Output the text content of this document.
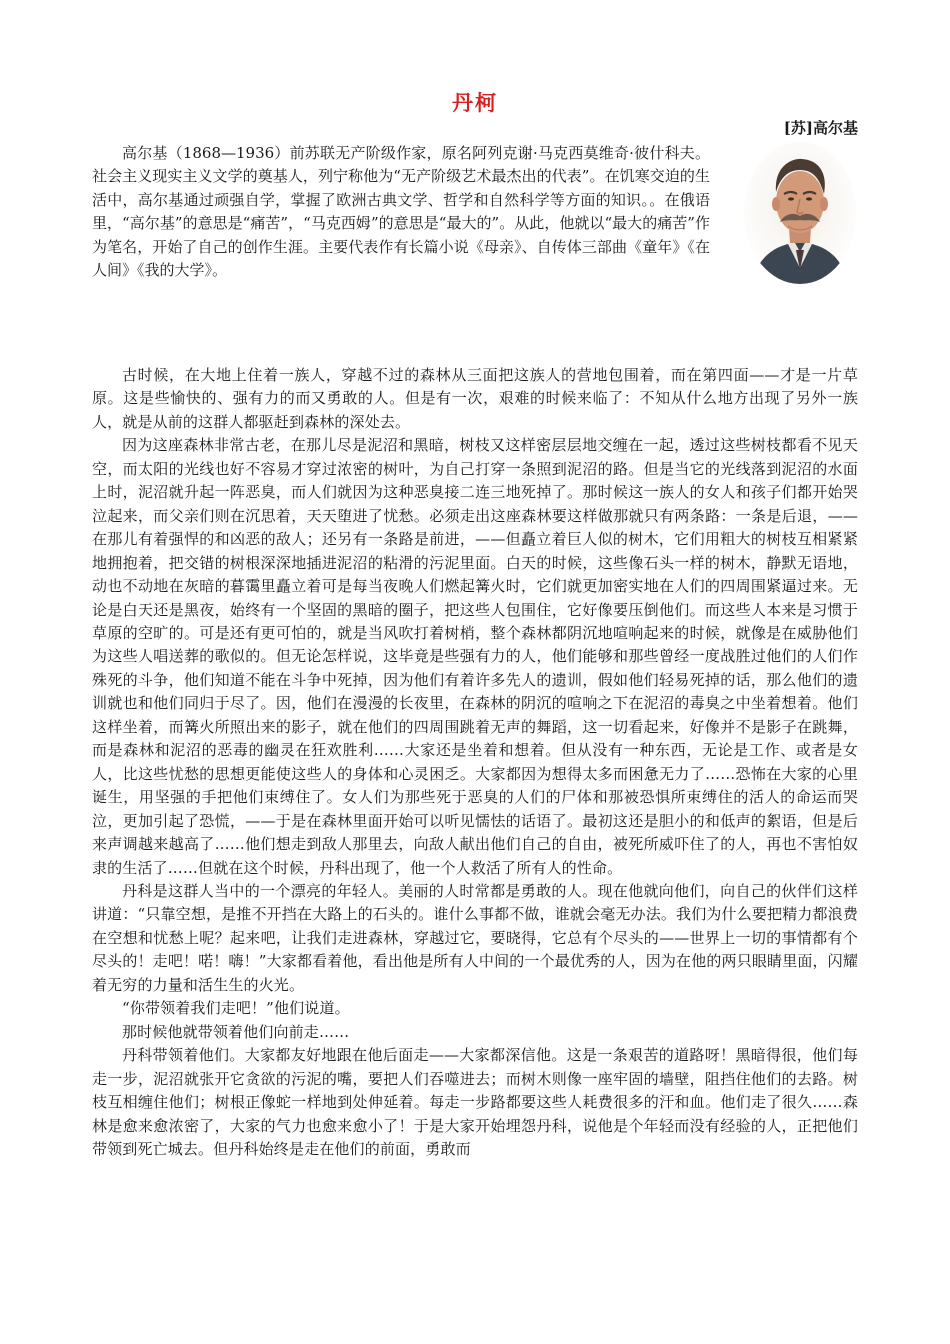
丹柯
[苏]高尔基

高尔基（1868—1936）前苏联无产阶级作家，原名阿列克谢·马克西莫维奇·彼什科夫。社会主义现实主义文学的奠基人，列宁称他为“无产阶级艺术最杰出的代表”。在饥寒交迫的生活中，高尔基通过顽强自学，掌握了欧洲古典文学、哲学和自然科学等方面的知识。。在俄语里，“高尔基”的意思是“痛苦”，“马克西姆”的意思是“最大的”。从此，他就以“最大的痛苦”作为笔名，开始了自己的创作生涯。主要代表作有长篇小说《母亲》、自传体三部曲《童年》《在人间》《我的大学》。

古时候，在大地上住着一族人，穿越不过的森林从三面把这族人的营地包围着，而在第四面——才是一片草原。这是些愉快的、强有力的而又勇敢的人。但是有一次，艰难的时候来临了：不知从什么地方出现了另外一族人，就是从前的这群人都驱赶到森林的深处去。

因为这座森林非常古老，在那儿尽是泥沼和黑暗，树枝又这样密层层地交缠在一起，透过这些树枝都看不见天空，而太阳的光线也好不容易才穿过浓密的树叶，为自己打穿一条照到泥沼的路。但是当它的光线落到泥沼的水面上时，泥沼就升起一阵恶臭，而人们就因为这种恶臭接二连三地死掉了。那时候这一族人的女人和孩子们都开始哭泣起来，而父亲们则在沉思着，天天堕进了忧愁。必须走出这座森林要这样做那就只有两条路：一条是后退，——在那儿有着强悍的和凶恶的敌人；还另有一条路是前进，——但矗立着巨人似的树木，它们用粗大的树枝互相紧紧地拥抱着，把交错的树根深深地插进泥沼的粘滑的污泥里面。白天的时候，这些像石头一样的树木，静默无语地，动也不动地在灰暗的暮霭里矗立着可是每当夜晚人们燃起篝火时，它们就更加密实地在人们的四周围紧逼过来。无论是白天还是黑夜，始终有一个坚固的黑暗的圈子，把这些人包围住，它好像要压倒他们。而这些人本来是习惯于草原的空旷的。可是还有更可怕的，就是当风吹打着树梢，整个森林都阴沉地喧响起来的时候，就像是在威胁他们为这些人唱送葬的歌似的。但无论怎样说，这毕竟是些强有力的人，他们能够和那些曾经一度战胜过他们的人们作殊死的斗争，他们知道不能在斗争中死掉，因为他们有着许多先人的遗训，假如他们轻易死掉的话，那么他们的遗训就也和他们同归于尽了。因，他们在漫漫的长夜里，在森林的阴沉的喧响之下在泥沼的毒臭之中坐着想着。他们这样坐着，而篝火所照出来的影子，就在他们的四周围跳着无声的舞蹈，这一切看起来，好像并不是影子在跳舞，而是森林和泥沼的恶毒的幽灵在狂欢胜利……大家还是坐着和想着。但从没有一种东西，无论是工作、或者是女人，比这些忧愁的思想更能使这些人的身体和心灵困乏。大家都因为想得太多而困惫无力了……恐怖在大家的心里诞生，用坚强的手把他们束缚住了。女人们为那些死于恶臭的人们的尸体和那被恐惧所束缚住的活人的命运而哭泣，更加引起了恐慌，——于是在森林里面开始可以听见懦怯的话语了。最初这还是胆小的和低声的絮语，但是后来声调越来越高了……他们想走到敌人那里去，向敌人献出他们自己的自由，被死所威吓住了的人，再也不害怕奴隶的生活了……但就在这个时候，丹科出现了，他一个人救活了所有人的性命。

丹科是这群人当中的一个漂亮的年轻人。美丽的人时常都是勇敢的人。现在他就向他们，向自己的伙伴们这样讲道：“只靠空想，是推不开挡在大路上的石头的。谁什么事都不做，谁就会毫无办法。我们为什么要把精力都浪费在空想和忧愁上呢？起来吧，让我们走进森林，穿越过它，要晓得，它总有个尽头的——世界上一切的事情都有个尽头的！走吧！喏！嗨！”大家都看着他，看出他是所有人中间的一个最优秀的人，因为在他的两只眼睛里面，闪耀着无穷的力量和活生生的火光。

“你带领着我们走吧！”他们说道。

那时候他就带领着他们向前走……

丹科带领着他们。大家都友好地跟在他后面走——大家都深信他。这是一条艰苦的道路呀！黑暗得很，他们每走一步，泥沼就张开它贪欲的污泥的嘴，要把人们吞噬进去；而树木则像一座牢固的墙壁，阻挡住他们的去路。树枝互相缠住他们；树根正像蛇一样地到处伸延着。每走一步路都要这些人耗费很多的汗和血。他们走了很久……森林是愈来愈浓密了，大家的气力也愈来愈小了！于是大家开始埋怨丹科，说他是个年轻而没有经验的人，正把他们带领到死亡城去。但丹科始终是走在他们的前面，勇敢而
